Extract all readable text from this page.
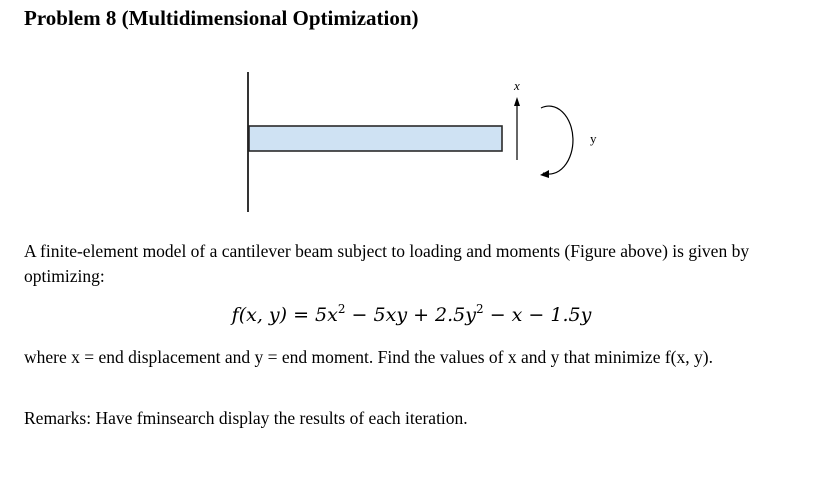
Problem 8 (Multidimensional Optimization)
x
y
A finite-element model of a cantilever beam subject to loading and moments (Figure above) is given by optimizing:
f(x, $y) = 5x^2 - 5xy + 2.5y^2 - x - 1.5y$
where x = end displacement and y = end moment. Find the values of x and y that minimize f(x, y).
Remarks: Have fminsearch display the results of each iteration.
